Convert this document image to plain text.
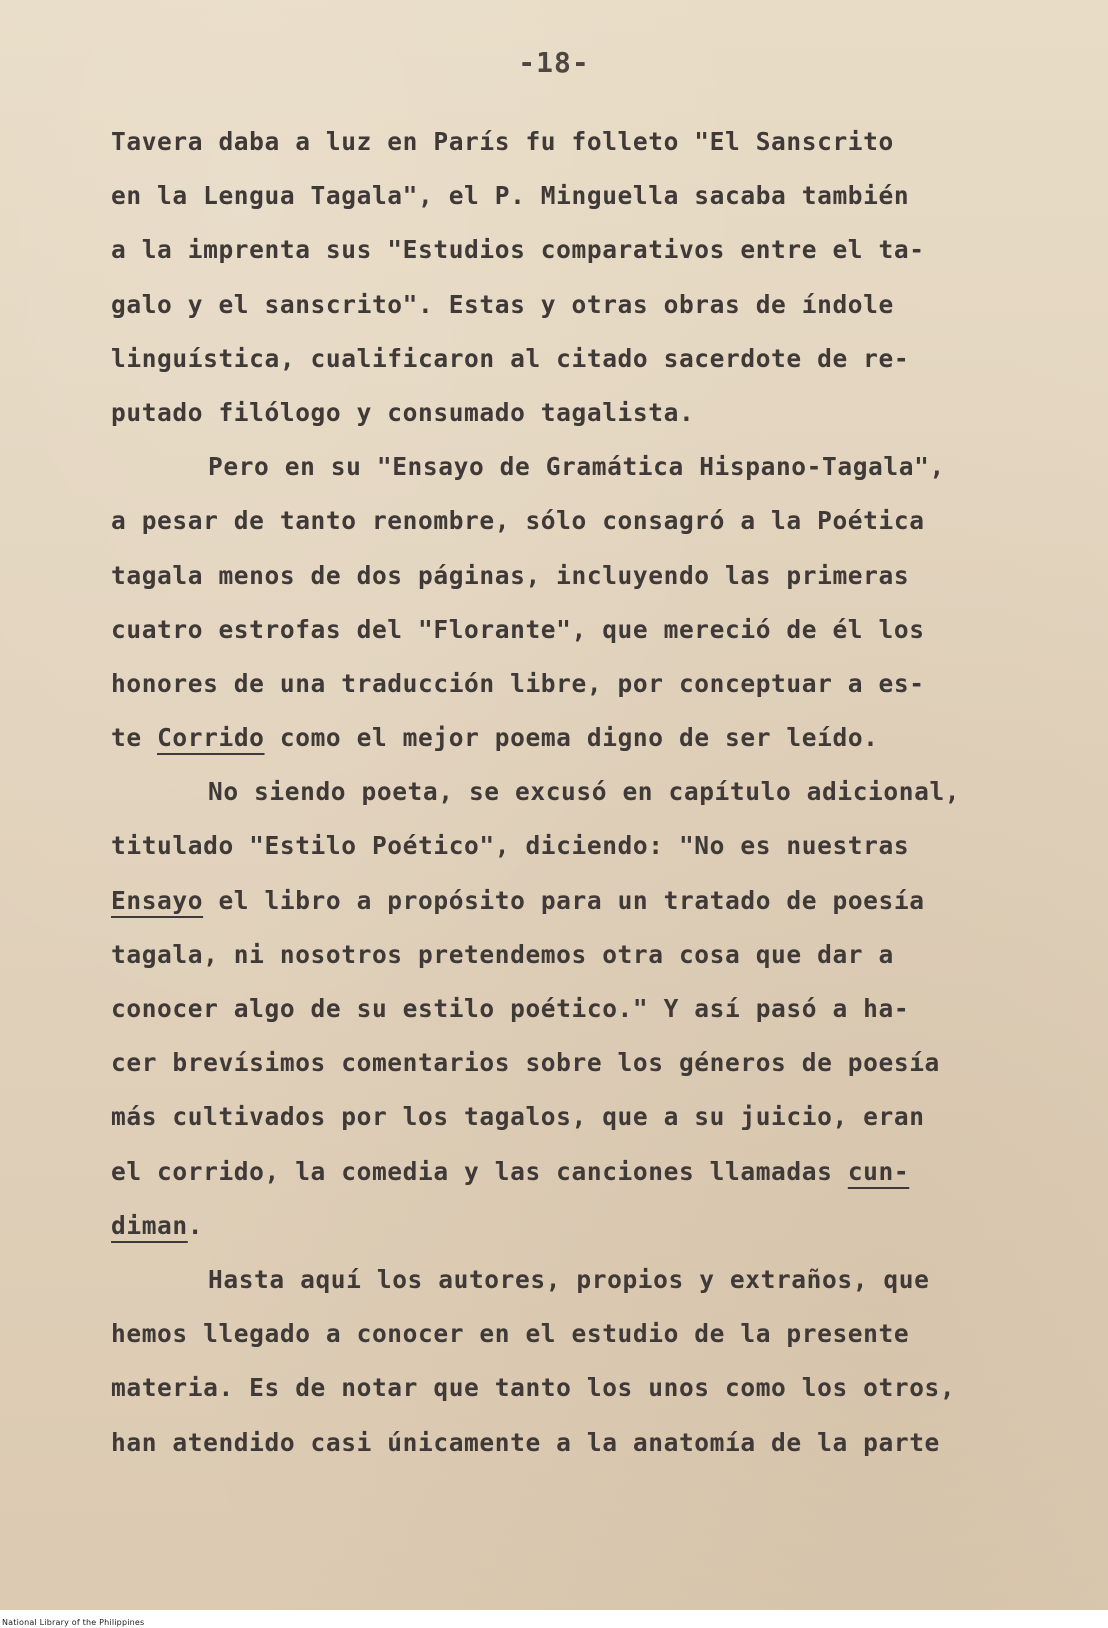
-18-
Tavera daba a luz en París fu folleto "El Sanscrito
en la Lengua Tagala", el P. Minguella sacaba también
a la imprenta sus "Estudios comparativos entre el ta-
galo y el sanscrito". Estas y otras obras de índole
linguística, cualificaron al citado sacerdote de re-
putado filólogo y consumado tagalista.
Pero en su "Ensayo de Gramática Hispano-Tagala",
a pesar de tanto renombre, sólo consagró a la Poética
tagala menos de dos páginas, incluyendo las primeras
cuatro estrofas del "Florante", que mereció de él los
honores de una traducción libre, por conceptuar a es-
te Corrido como el mejor poema digno de ser leído.
No siendo poeta, se excusó en capítulo adicional,
titulado "Estilo Poético", diciendo: "No es nuestras
Ensayo el libro a propósito para un tratado de poesía
tagala, ni nosotros pretendemos otra cosa que dar a
conocer algo de su estilo poético." Y así pasó a ha-
cer brevísimos comentarios sobre los géneros de poesía
más cultivados por los tagalos, que a su juicio, eran
el corrido, la comedia y las canciones llamadas cun-
diman.
Hasta aquí los autores, propios y extraños, que
hemos llegado a conocer en el estudio de la presente
materia. Es de notar que tanto los unos como los otros,
han atendido casi únicamente a la anatomía de la parte
National Library of the Philippines
